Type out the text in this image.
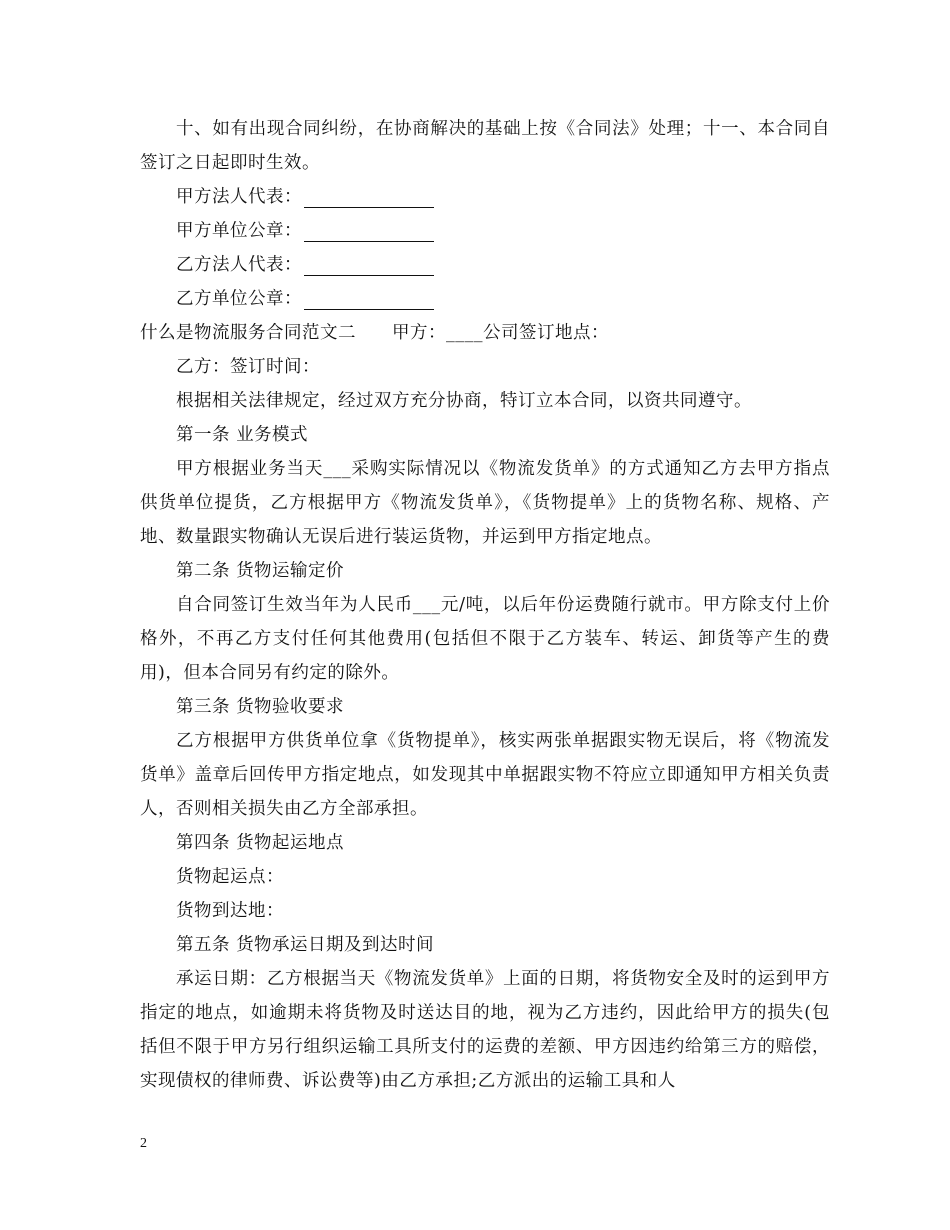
十、如有出现合同纠纷，在协商解决的基础上按《合同法》处理；十一、本合同自签订之日起即时生效。
甲方法人代表：
甲方单位公章：
乙方法人代表：
乙方单位公章：
什么是物流服务合同范文二 甲方：____公司签订地点：
乙方：签订时间：
根据相关法律规定，经过双方充分协商，特订立本合同，以资共同遵守。
第一条 业务模式
甲方根据业务当天___采购实际情况以《物流发货单》的方式通知乙方去甲方指点供货单位提货，乙方根据甲方《物流发货单》，《货物提单》上的货物名称、规格、产地、数量跟实物确认无误后进行装运货物，并运到甲方指定地点。
第二条 货物运输定价
自合同签订生效当年为人民币___元/吨，以后年份运费随行就市。甲方除支付上价格外，不再乙方支付任何其他费用(包括但不限于乙方装车、转运、卸货等产生的费用)，但本合同另有约定的除外。
第三条 货物验收要求
乙方根据甲方供货单位拿《货物提单》，核实两张单据跟实物无误后，将《物流发货单》盖章后回传甲方指定地点，如发现其中单据跟实物不符应立即通知甲方相关负责人，否则相关损失由乙方全部承担。
第四条 货物起运地点
货物起运点：
货物到达地：
第五条 货物承运日期及到达时间
承运日期：乙方根据当天《物流发货单》上面的日期，将货物安全及时的运到甲方指定的地点，如逾期未将货物及时送达目的地，视为乙方违约，因此给甲方的损失(包括但不限于甲方另行组织运输工具所支付的运费的差额、甲方因违约给第三方的赔偿，实现债权的律师费、诉讼费等)由乙方承担;乙方派出的运输工具和人
2
